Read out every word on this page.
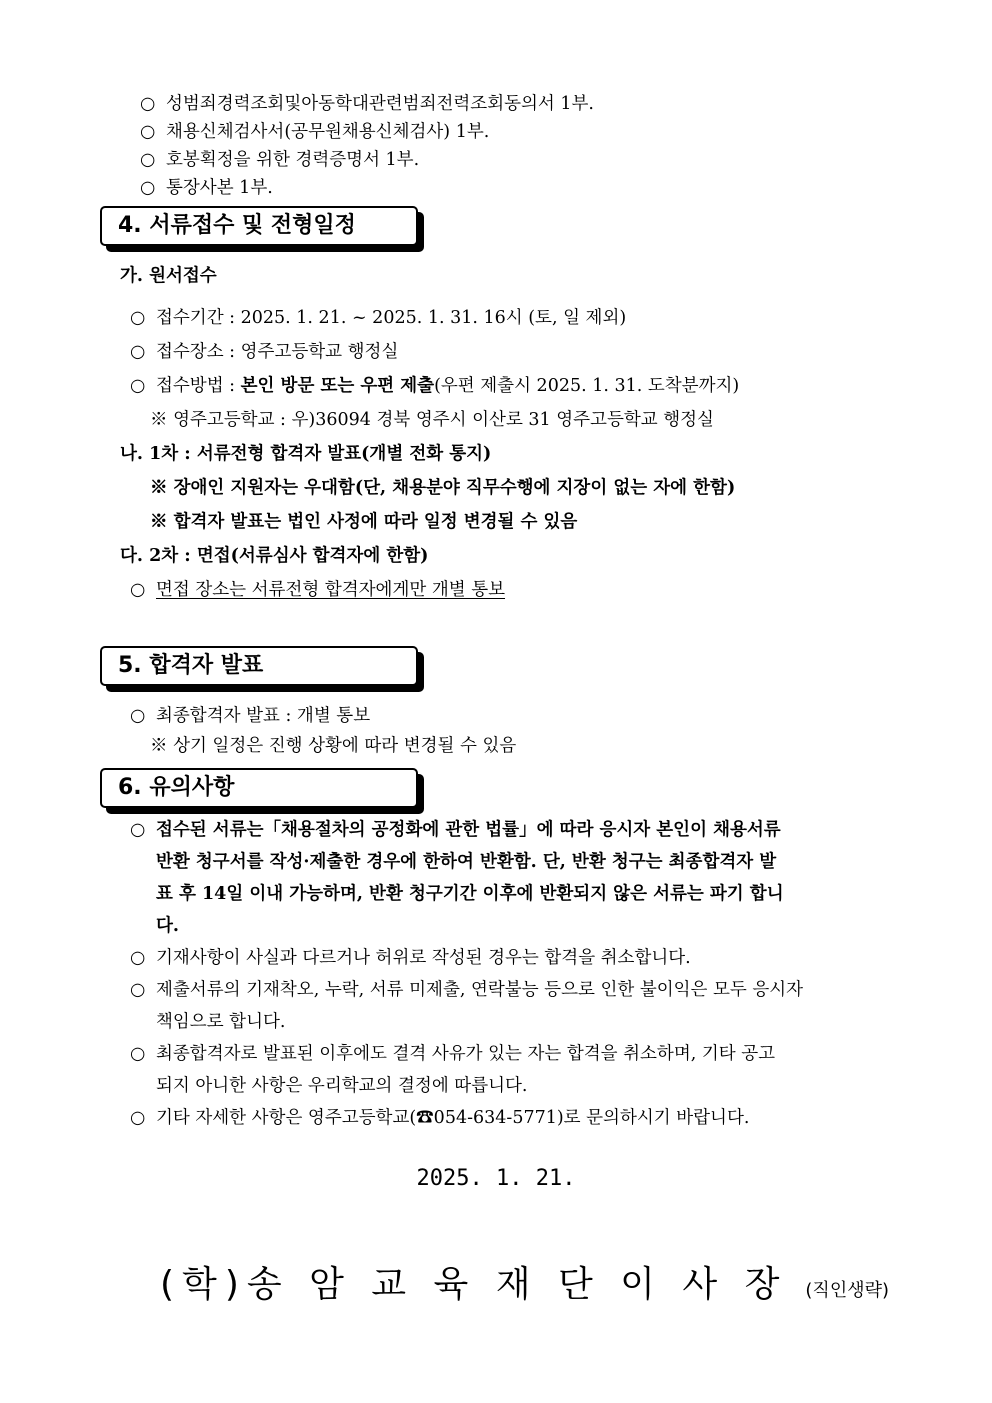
○ 성범죄경력조회및아동학대관련범죄전력조회동의서 1부.
○ 채용신체검사서(공무원채용신체검사) 1부.
○ 호봉획정을 위한 경력증명서 1부.
○ 통장사본 1부.
4. 서류접수 및 전형일정
가. 원서접수
○ 접수기간 : 2025. 1. 21. ~ 2025. 1. 31. 16시 (토, 일 제외)
○ 접수장소 : 영주고등학교 행정실
○ 접수방법 : 본인 방문 또는 우편 제출(우편 제출시 2025. 1. 31. 도착분까지)
※ 영주고등학교 : 우)36094 경북 영주시 이산로 31 영주고등학교 행정실
나. 1차 : 서류전형 합격자 발표(개별 전화 통지)
※ 장애인 지원자는 우대함(단, 채용분야 직무수행에 지장이 없는 자에 한함)
※ 합격자 발표는 법인 사정에 따라 일정 변경될 수 있음
다. 2차 : 면접(서류심사 합격자에 한함)
○ 면접 장소는 서류전형 합격자에게만 개별 통보
5. 합격자 발표
○ 최종합격자 발표 : 개별 통보
※ 상기 일정은 진행 상황에 따라 변경될 수 있음
6. 유의사항
○ 접수된 서류는「채용절차의 공정화에 관한 법률」에 따라 응시자 본인이 채용서류
반환 청구서를 작성·제출한 경우에 한하여 반환함. 단, 반환 청구는 최종합격자 발
표 후 14일 이내 가능하며, 반환 청구기간 이후에 반환되지 않은 서류는 파기 합니
다.
○ 기재사항이 사실과 다르거나 허위로 작성된 경우는 합격을 취소합니다.
○ 제출서류의 기재착오, 누락, 서류 미제출, 연락불능 등으로 인한 불이익은 모두 응시자
책임으로 합니다.
○ 최종합격자로 발표된 이후에도 결격 사유가 있는 자는 합격을 취소하며, 기타 공고
되지 아니한 사항은 우리학교의 결정에 따릅니다.
○ 기타 자세한 사항은 영주고등학교(☎054-634-5771)로 문의하시기 바랍니다.
2025. 1. 21.
(학)송 암 교 육 재 단 이 사 장 (직인생략)
